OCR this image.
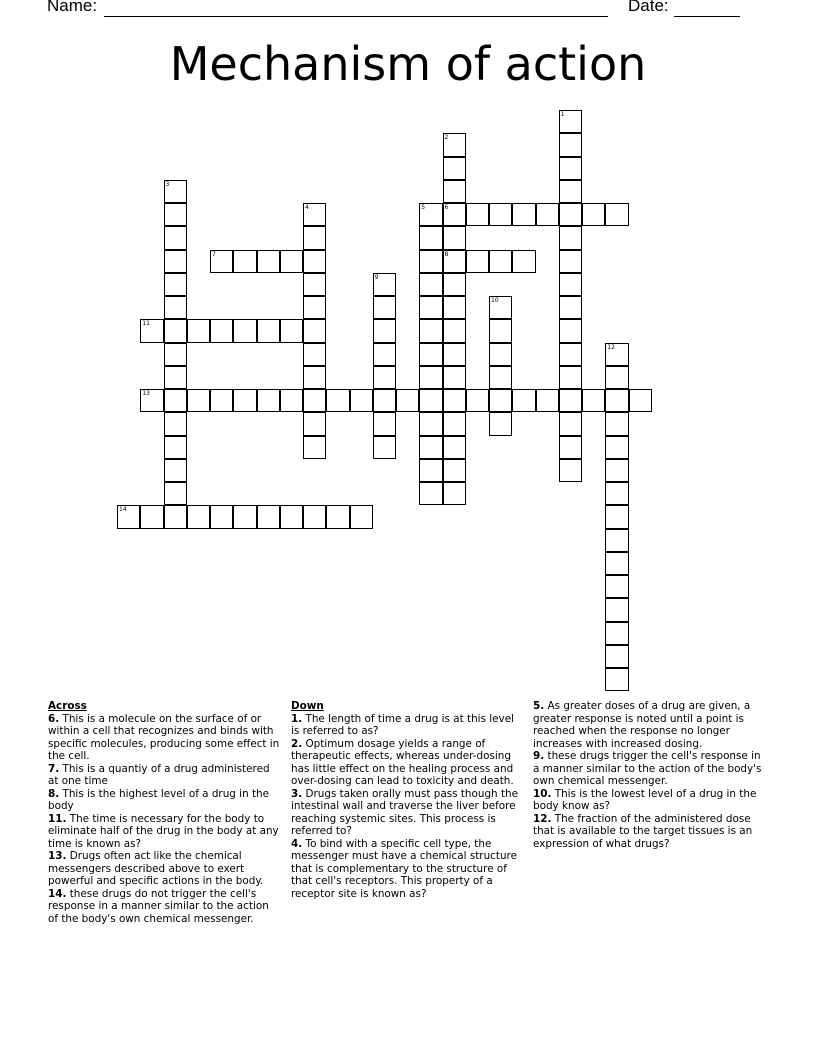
Name:	Date:
Mechanism of action
1
2
6
8
3
4	5
7
9
10
11
12
13
14
Across
6. This is a molecule on the surface of or within a cell that recognizes and binds with specific molecules, producing some effect in the cell.
7. This is a quantiy of a drug administered at one time
8. This is the highest level of a drug in the body
11. The time is necessary for the body to eliminate half of the drug in the body at any time is known as?
13. Drugs often act like the chemical messengers described above to exert powerful and specific actions in the body.
14. these drugs do not trigger the cell's response in a manner similar to the action of the body's own chemical messenger.
Down
1. The length of time a drug is at this level is referred to as?
2. Optimum dosage yields a range of therapeutic effects, whereas under-dosing has little effect on the healing process and over-dosing can lead to toxicity and death.
3. Drugs taken orally must pass though the intestinal wall and traverse the liver before reaching systemic sites. This process is referred to?
4. To bind with a specific cell type, the messenger must have a chemical structure that is complementary to the structure of that cell's receptors. This property of a receptor site is known as?
5. As greater doses of a drug are given, a greater response is noted until a point is reached when the response no longer increases with increased dosing.
9. these drugs trigger the cell's response in a manner similar to the action of the body's own chemical messenger.
10. This is the lowest level of a drug in the body know as?
12. The fraction of the administered dose that is available to the target tissues is an expression of what drugs?
